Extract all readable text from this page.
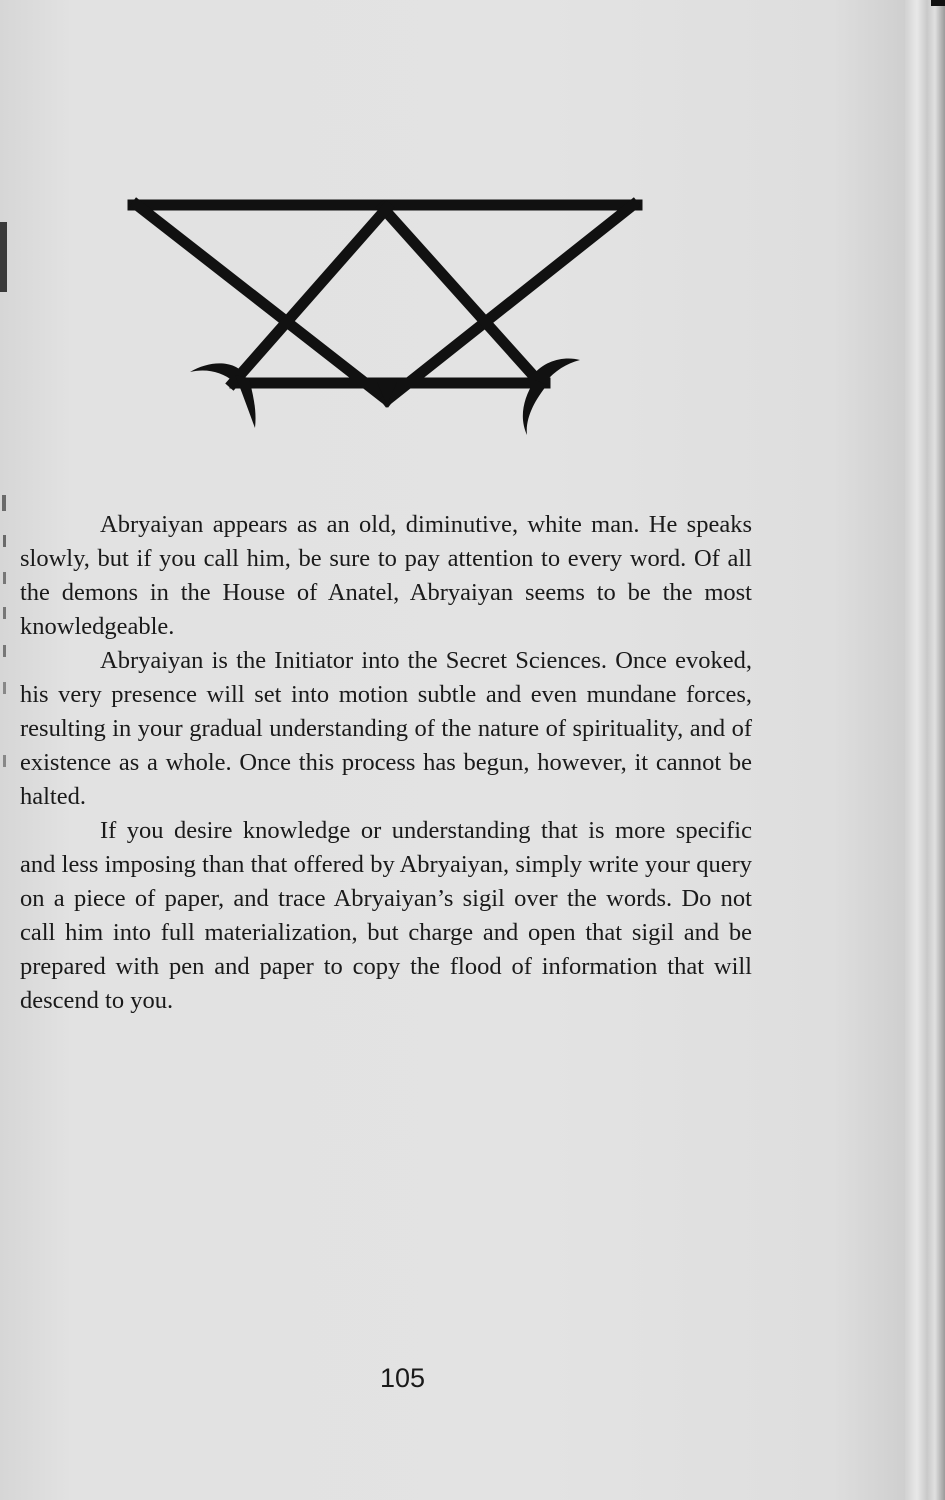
Abryaiyan appears as an old, diminutive, white man. He speaks slowly, but if you call him, be sure to pay attention to every word. Of all the demons in the House of Anatel, Abryaiyan seems to be the most knowledgeable.

Abryaiyan is the Initiator into the Secret Sciences. Once evoked, his very presence will set into motion subtle and even mundane forces, resulting in your gradual understanding of the nature of spirituality, and of existence as a whole. Once this process has begun, however, it cannot be halted.

If you desire knowledge or understanding that is more specific and less imposing than that offered by Abryaiyan, simply write your query on a piece of paper, and trace Abryaiyan’s sigil over the words. Do not call him into full materialization, but charge and open that sigil and be prepared with pen and paper to copy the flood of information that will descend to you.

105
